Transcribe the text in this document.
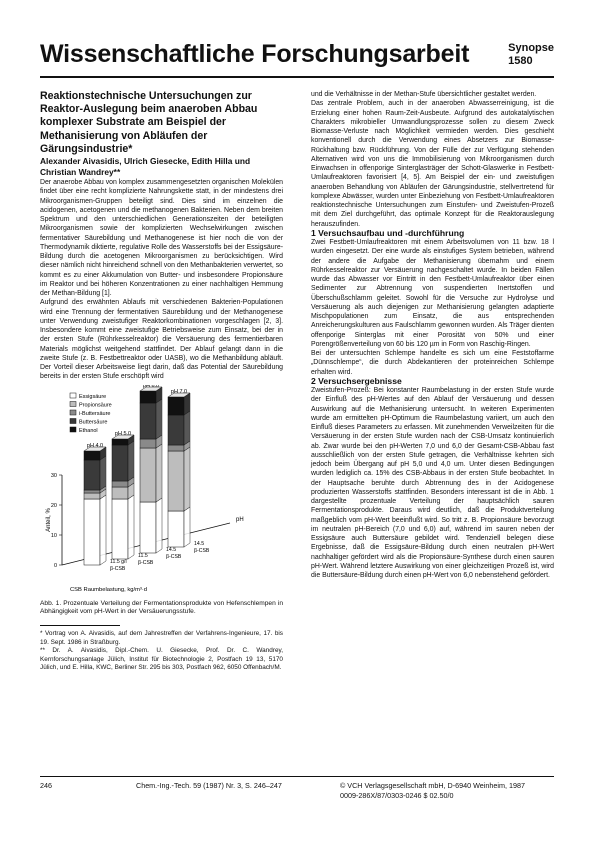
Wissenschaftliche Forschungsarbeit	Synopse
1580

Reaktionstechnische Untersuchungen zur Reaktor-Auslegung beim anaeroben Abbau komplexer Substrate am Beispiel der Methanisierung von Abläufen der Gärungsindustrie*

Alexander Aivasidis, Ulrich Giesecke, Edith Hilla und Christian Wandrey**

Der anaerobe Abbau von komplex zusammengesetzten organischen Molekülen findet über eine recht komplizierte Nahrungskette statt, in der mindestens drei Mikroorganismen-Gruppen beteiligt sind. Dies sind im einzelnen die acidogenen, acetogenen und die methanogenen Bakterien. Neben dem breiten Spektrum und den unterschiedlichen Generationszeiten der beteiligten Mikroorganismen sowie der komplizierten Wechselwirkungen zwischen fermentativer Säurebildung und Methanogenese ist hier noch die von der Thermodynamik diktierte, regulative Rolle des Wasserstoffs bei der Essigsäure-Bildung durch die acetogenen Mikroorganismen zu berücksichtigen. Wird dieser nämlich nicht hinreichend schnell von den Methanbakterien verwertet, so kommt es zu einer Akkumulation von Butter- und insbesondere Propionsäure im Reaktor und bei höheren Konzentrationen zu einer nachhaltigen Hemmung der Methan-Bildung [1].

Aufgrund des erwähnten Ablaufs mit verschiedenen Bakterien-Populationen wird eine Trennung der fermentativen Säurebildung und der Methanogenese unter Verwendung zweistufiger Reaktorkombinationen vorgeschlagen [2, 3]. Insbesondere kommt eine zweistufige Betriebsweise zum Einsatz, bei der in der ersten Stufe (Rührkesselreaktor) die Versäuerung des fermentierbaren Materials möglichst weitgehend stattfindet. Der Ablauf gelangt dann in die zweite Stufe (z. B. Festbettreaktor oder UASB), wo die Methanbildung abläuft. Der Vorteil dieser Arbeitsweise liegt darin, daß das Potential der Säurebildung bereits in der ersten Stufe erschöpft wird

0
10
20
30
Anteil, %
CSB Raumbelastung, kg/m³·d
pH
pH 4.0
11.5 g/l
β-CSB
pH 5.0
11.5
β-CSB
pH 6.0
14.5
β-CSB
pH 7.0
14.5
β-CSB
Essigsäure
Propionsäure
i-Buttersäure
Buttersäure
Ethanol

Abb. 1. Prozentuale Verteilung der Fermentationsprodukte von Hefenschlempen in Abhängigkeit vom pH-Wert in der Versäuerungsstufe.

* Vortrag von A. Aivasidis, auf dem Jahrestreffen der Verfahrens-Ingenieure, 17. bis 19. Sept. 1986 in Straßburg.

** Dr. A. Aivasidis, Dipl.-Chem. U. Giesecke, Prof. Dr. C. Wandrey, Kernforschungsanlage Jülich, Institut für Biotechnologie 2, Postfach 19 13, 5170 Jülich, und E. Hilla, KWC, Berliner Str. 295 bis 303, Postfach 962, 6050 Offenbach/M.

und die Verhältnisse in der Methan-Stufe übersichtlicher gestaltet werden.

Das zentrale Problem, auch in der anaeroben Abwasserreinigung, ist die Erzielung einer hohen Raum-Zeit-Ausbeute. Aufgrund des autokatalytischen Charakters mikrobieller Umwandlungsprozesse sollen zu diesem Zweck Biomasse-Verluste nach Möglichkeit vermieden werden. Dies geschieht konventionell durch die Verwendung eines Absetzers zur Biomasse-Rückhaltung bzw. Rückführung. Von der Fülle der zur Verfügung stehenden Alternativen wird von uns die Immobilisierung von Mikroorganismen durch Einwachsen in offenporige Sinterglasträger der Schott-Glaswerke in Festbett-Umlaufreaktoren favorisiert [4, 5]. Am Beispiel der ein- und zweistufigen anaeroben Behandlung von Abläufen der Gärungsindustrie, stellvertretend für komplexe Abwässer, wurden unter Einbeziehung von Festbett-Umlaufreaktoren reaktionstechnische Untersuchungen zum Einstufen- und Zweistufen-Prozeß mit dem Ziel durchgeführt, das optimale Konzept für die Reaktorauslegung herauszufinden.

1 Versuchsaufbau und -durchführung

Zwei Festbett-Umlaufreaktoren mit einem Arbeitsvolumen von 11 bzw. 18 l wurden eingesetzt. Der eine wurde als einstufiges System betrieben, während der andere die Aufgabe der Methanisierung übernahm und einem Rührkesselreaktor zur Versäuerung nachgeschaltet wurde. In beiden Fällen wurde das Abwasser vor Eintritt in den Festbett-Umlaufreaktor über einen Sedimenter zur Abtrennung von suspendierten Inertstoffen und Überschußschlamm geleitet. Sowohl für die Versuche zur Hydrolyse und Versäuerung als auch diejenigen zur Methanisierung gelangten adaptierte Mischpopulationen zum Einsatz, die aus entsprechenden Anreicherungskulturen aus Faulschlamm gewonnen wurden. Als Träger dienten offenporige Sinterglas mit einer Porosität von 50% und einer Porengrößenverteilung von 60 bis 120 µm in Form von Raschig-Ringen.

Bei der untersuchten Schlempe handelte es sich um eine Feststoffarme „Dünnschlempe“, die durch Abdekantieren der proteinreichen Schlempe erhalten wird.

2 Versuchsergebnisse

Zweistufen-Prozeß: Bei konstanter Raumbelastung in der ersten Stufe wurde der Einfluß des pH-Wertes auf den Ablauf der Versäuerung und dessen Auswirkung auf die Methanisierung untersucht. In weiteren Experimenten wurde am ermittelten pH-Optimum die Raumbelastung variiert, um auch den Einfluß dieses Parameters zu erfassen. Mit zunehmenden Verweilzeiten für die Versäuerung in der ersten Stufe wurden nach der CSB-Umsatz kontinuierlich ab. Zwar wurde bei den pH-Werten 7,0 und 6,0 der Gesamt-CSB-Abbau fast ausschließlich von der ersten Stufe getragen, die Verhältnisse kehrten sich jedoch beim Übergang auf pH 5,0 und 4,0 um. Unter diesen Bedingungen wurden lediglich ca. 15% des CSB-Abbaus in der ersten Stufe beobachtet. In der Hauptsache beruhte durch Abtrennung des in der Acidogenese produzierten Wasserstoffs stattfinden. Besonders interessant ist die in Abb. 1 dargestellte prozentuale Verteilung der hauptsächlich sauren Fermentationsprodukte. Daraus wird deutlich, daß die Produktverteilung maßgeblich vom pH-Wert beeinflußt wird. So tritt z. B. Propionsäure bevorzugt im neutralen pH-Bereich (7,0 und 6,0) auf, während im sauren neben der Essigsäure auch Buttersäure gebildet wird. Tendenziell belegen diese Ergebnisse, daß die Essigsäure-Bildung durch einen neutralen pH-Wert nachhaltiger gefördert wird als die Propionsäure-Synthese durch einen sauren pH-Wert. Während letztere Auswirkung von einer gleichzeitigen Prozeß ist, wird die Buttersäure-Bildung durch einen pH-Wert von 6,0 nebenstehend gefördert.

246	Chem.-Ing.-Tech. 59 (1987) Nr. 3, S. 246–247	© VCH Verlagsgesellschaft mbH, D-6940 Weinheim, 1987
0009-286X/87/0303-0246 $ 02.50/0
